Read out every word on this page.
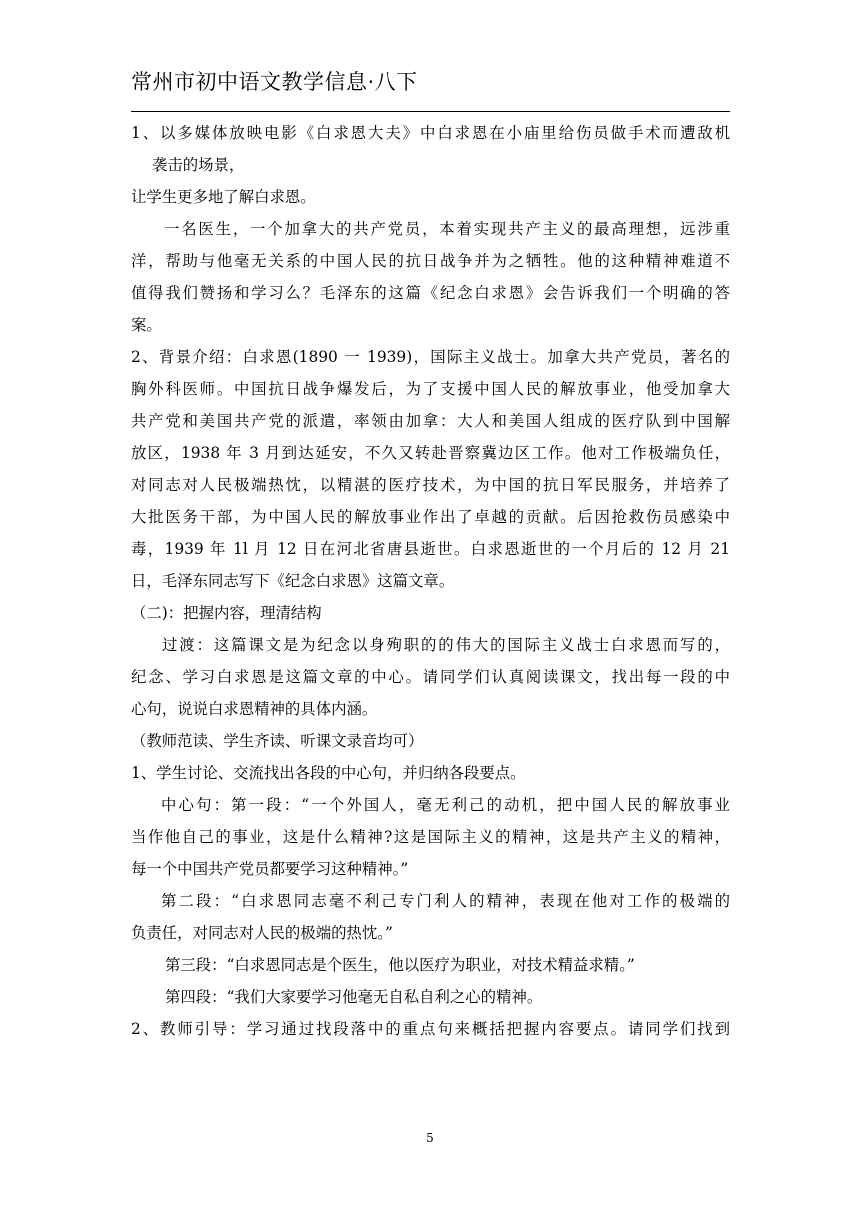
常州市初中语文教学信息·八下
1、以多媒体放映电影《白求恩大夫》中白求恩在小庙里给伤员做手术而遭敌机
袭击的场景，
让学生更多地了解白求恩。
一名医生，一个加拿大的共产党员，本着实现共产主义的最高理想，远涉重
洋，帮助与他毫无关系的中国人民的抗日战争并为之牺牲。他的这种精神难道不
值得我们赞扬和学习么？毛泽东的这篇《纪念白求恩》会告诉我们一个明确的答
案。
2、背景介绍：白求恩(1890 一 1939)，国际主义战士。加拿大共产党员，著名的
胸外科医师。中国抗日战争爆发后，为了支援中国人民的解放事业，他受加拿大
共产党和美国共产党的派遣，率领由加拿：大人和美国人组成的医疗队到中国解
放区，1938 年 3 月到达延安，不久又转赴晋察冀边区工作。他对工作极端负任，
对同志对人民极端热忱，以精湛的医疗技术，为中国的抗日军民服务，并培养了
大批医务干部，为中国人民的解放事业作出了卓越的贡献。后因抢救伤员感染中
毒，1939 年 1l 月 12 日在河北省唐县逝世。白求恩逝世的一个月后的 12 月 21
日，毛泽东同志写下《纪念白求恩》这篇文章。
（二)：把握内容，理清结构
过渡：这篇课文是为纪念以身殉职的的伟大的国际主义战士白求恩而写的，
纪念、学习白求恩是这篇文章的中心。请同学们认真阅读课文，找出每一段的中
心句，说说白求恩精神的具体内涵。
（教师范读、学生齐读、听课文录音均可）
1、学生讨论、交流找出各段的中心句，并归纳各段要点。
中心句：第一段：“一个外国人，毫无利己的动机，把中国人民的解放事业
当作他自己的事业，这是什么精神?这是国际主义的精神，这是共产主义的精神，
每一个中国共产党员都要学习这种精神。”
第二段：“白求恩同志毫不利己专门利人的精神，表现在他对工作的极端的
负责任，对同志对人民的极端的热忱。”
第三段：“白求恩同志是个医生，他以医疗为职业，对技术精益求精。”
第四段：“我们大家要学习他毫无自私自利之心的精神。
2、教师引导：学习通过找段落中的重点句来概括把握内容要点。请同学们找到
5
